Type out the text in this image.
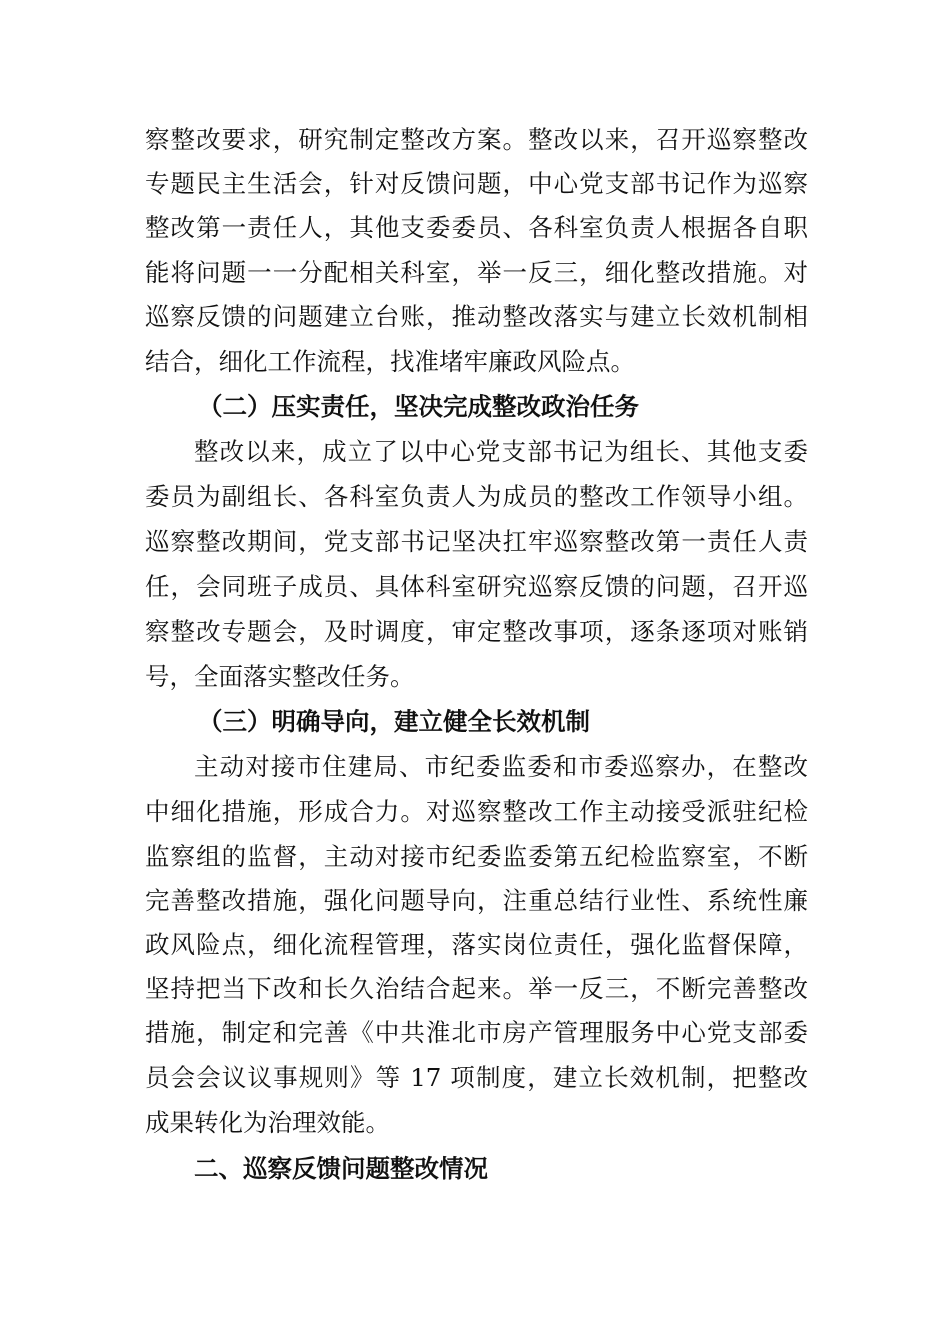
察整改要求，研究制定整改方案。整改以来，召开巡察整改
专题民主生活会，针对反馈问题，中心党支部书记作为巡察
整改第一责任人，其他支委委员、各科室负责人根据各自职
能将问题一一分配相关科室，举一反三，细化整改措施。对
巡察反馈的问题建立台账，推动整改落实与建立长效机制相
结合，细化工作流程，找准堵牢廉政风险点。
（二）压实责任，坚决完成整改政治任务
整改以来，成立了以中心党支部书记为组长、其他支委
委员为副组长、各科室负责人为成员的整改工作领导小组。
巡察整改期间，党支部书记坚决扛牢巡察整改第一责任人责
任，会同班子成员、具体科室研究巡察反馈的问题，召开巡
察整改专题会，及时调度，审定整改事项，逐条逐项对账销
号，全面落实整改任务。
（三）明确导向，建立健全长效机制
主动对接市住建局、市纪委监委和市委巡察办，在整改
中细化措施，形成合力。对巡察整改工作主动接受派驻纪检
监察组的监督，主动对接市纪委监委第五纪检监察室，不断
完善整改措施，强化问题导向，注重总结行业性、系统性廉
政风险点，细化流程管理，落实岗位责任，强化监督保障，
坚持把当下改和长久治结合起来。举一反三，不断完善整改
措施，制定和完善《中共淮北市房产管理服务中心党支部委
员会会议议事规则》等 17 项制度，建立长效机制，把整改
成果转化为治理效能。
二、巡察反馈问题整改情况
